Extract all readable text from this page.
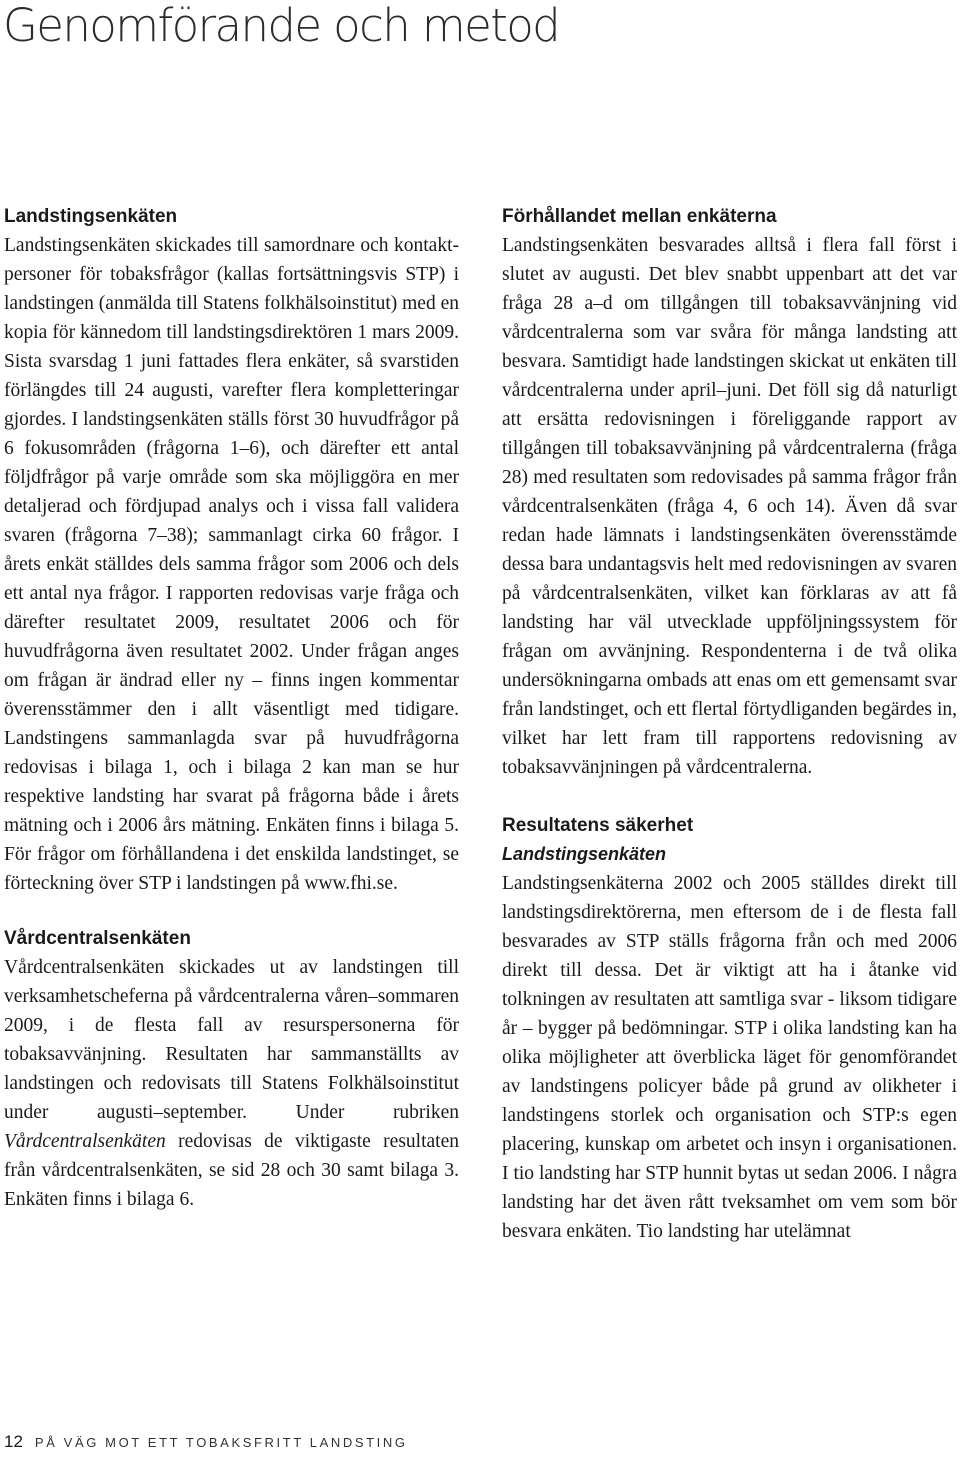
Genomförande och metod
Landstingsenkäten

Landstingsenkäten skickades till samordnare och kontaktpersoner för tobaksfrågor (kallas fortsättningsvis STP) i landstingen (anmälda till Statens folkhälsoinstitut) med en kopia för kännedom till landstingsdirektören 1 mars 2009. Sista svarsdag 1 juni fattades flera enkäter, så svarstiden förlängdes till 24 augusti, varefter flera kompletteringar gjordes. I landstingsenkäten ställs först 30 huvudfrågor på 6 fokusområden (frågorna 1–6), och därefter ett antal följdfrågor på varje område som ska möjliggöra en mer detaljerad och fördjupad analys och i vissa fall validera svaren (frågorna 7–38); sammanlagt cirka 60 frågor. I årets enkät ställdes dels samma frågor som 2006 och dels ett antal nya frågor. I rapporten redovisas varje fråga och därefter resultatet 2009, resultatet 2006 och för huvudfrågorna även resultatet 2002. Under frågan anges om frågan är ändrad eller ny – finns ingen kommentar överensstämmer den i allt väsentligt med tidigare. Landstingens sammanlagda svar på huvudfrågorna redovisas i bilaga 1, och i bilaga 2 kan man se hur respektive landsting har svarat på frågorna både i årets mätning och i 2006 års mätning. Enkäten finns i bilaga 5. För frågor om förhållandena i det enskilda landstinget, se förteckning över STP i landstingen på www.fhi.se.

Vårdcentralsenkäten

Vårdcentralsenkäten skickades ut av landstingen till verksamhetscheferna på vårdcentralerna våren–sommaren 2009, i de flesta fall av resurspersonerna för tobaksavvänjning. Resultaten har sammanställts av landstingen och redovisats till Statens Folkhälsoinstitut under augusti–september. Under rubriken Vårdcentralsenkäten redovisas de viktigaste resultaten från vårdcentralsenkäten, se sid 28 och 30 samt bilaga 3. Enkäten finns i bilaga 6.

Förhållandet mellan enkäterna

Landstingsenkäten besvarades alltså i flera fall först i slutet av augusti. Det blev snabbt uppenbart att det var fråga 28 a–d om tillgången till tobaksavvänjning vid vårdcentralerna som var svåra för många landsting att besvara. Samtidigt hade landstingen skickat ut enkäten till vårdcentralerna under april–juni. Det föll sig då naturligt att ersätta redovisningen i föreliggande rapport av tillgången till tobaksavvänjning på vårdcentralerna (fråga 28) med resultaten som redovisades på samma frågor från vårdcentralsenkäten (fråga 4, 6 och 14). Även då svar redan hade lämnats i landstingsenkäten överensstämde dessa bara undantagsvis helt med redovisningen av svaren på vårdcentralsenkäten, vilket kan förklaras av att få landsting har väl utvecklade uppföljningssystem för frågan om avvänjning. Respondenterna i de två olika undersökningarna ombads att enas om ett gemensamt svar från landstinget, och ett flertal förtydliganden begärdes in, vilket har lett fram till rapportens redovisning av tobaksavvänjningen på vårdcentralerna.

Resultatens säkerhet
Landstingsenkäten

Landstingsenkäterna 2002 och 2005 ställdes direkt till landstingsdirektörerna, men eftersom de i de flesta fall besvarades av STP ställs frågorna från och med 2006 direkt till dessa. Det är viktigt att ha i åtanke vid tolkningen av resultaten att samtliga svar - liksom tidigare år – bygger på bedömningar. STP i olika landsting kan ha olika möjligheter att överblicka läget för genomförandet av landstingens policyer både på grund av olikheter i landstingens storlek och organisation och STP:s egen placering, kunskap om arbetet och insyn i organisationen. I tio landsting har STP hunnit bytas ut sedan 2006. I några landsting har det även rått tveksamhet om vem som bör besvara enkäten. Tio landsting har utelämnat

12 PÅ VÄG MOT ETT TOBAKSFRITT LANDSTING
